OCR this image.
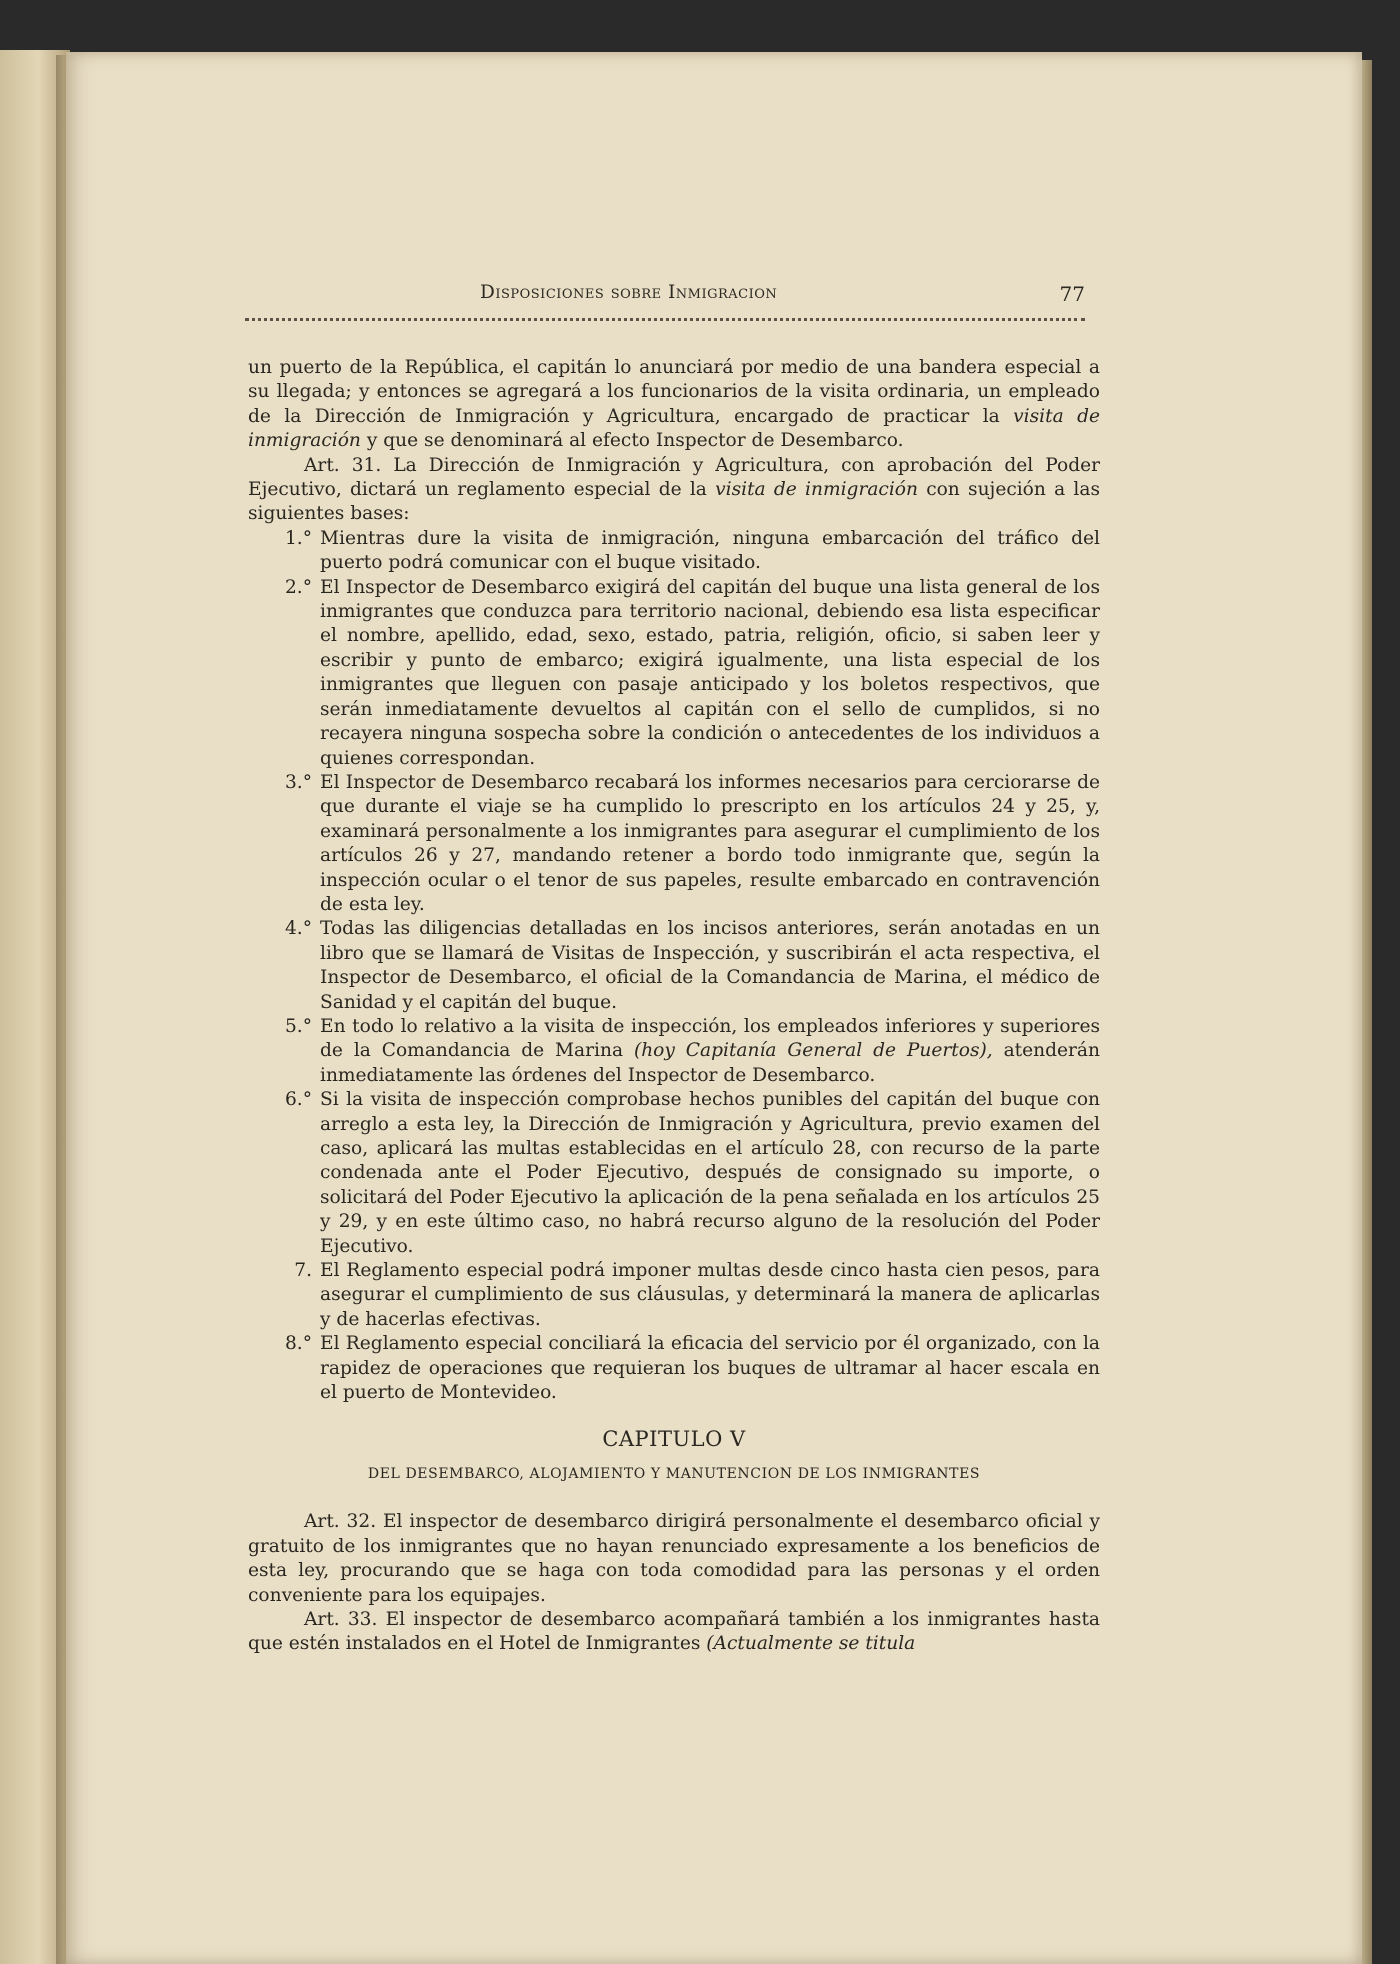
Disposiciones sobre Inmigracion	77

un puerto de la República, el capitán lo anunciará por medio de una bandera especial a su llegada; y entonces se agregará a los funcionarios de la visita ordinaria, un empleado de la Dirección de Inmigración y Agricultura, encargado de practicar la visita de inmigración y que se denominará al efecto Inspector de Desembarco.

Art. 31. La Dirección de Inmigración y Agricultura, con aprobación del Poder Ejecutivo, dictará un reglamento especial de la visita de inmigración con sujeción a las siguientes bases:

1.° Mientras dure la visita de inmigración, ninguna embarcación del tráfico del puerto podrá comunicar con el buque visitado.
2.° El Inspector de Desembarco exigirá del capitán del buque una lista general de los inmigrantes que conduzca para territorio nacional, debiendo esa lista especificar el nombre, apellido, edad, sexo, estado, patria, religión, oficio, si saben leer y escribir y punto de embarco; exigirá igualmente, una lista especial de los inmigrantes que lleguen con pasaje anticipado y los boletos respectivos, que serán inmediatamente devueltos al capitán con el sello de cumplidos, si no recayera ninguna sospecha sobre la condición o antecedentes de los individuos a quienes correspondan.
3.° El Inspector de Desembarco recabará los informes necesarios para cerciorarse de que durante el viaje se ha cumplido lo prescripto en los artículos 24 y 25, y, examinará personalmente a los inmigrantes para asegurar el cumplimiento de los artículos 26 y 27, mandando retener a bordo todo inmigrante que, según la inspección ocular o el tenor de sus papeles, resulte embarcado en contravención de esta ley.
4.° Todas las diligencias detalladas en los incisos anteriores, serán anotadas en un libro que se llamará de Visitas de Inspección, y suscribirán el acta respectiva, el Inspector de Desembarco, el oficial de la Comandancia de Marina, el médico de Sanidad y el capitán del buque.
5.° En todo lo relativo a la visita de inspección, los empleados inferiores y superiores de la Comandancia de Marina (hoy Capitanía General de Puertos), atenderán inmediatamente las órdenes del Inspector de Desembarco.
6.° Si la visita de inspección comprobase hechos punibles del capitán del buque con arreglo a esta ley, la Dirección de Inmigración y Agricultura, previo examen del caso, aplicará las multas establecidas en el artículo 28, con recurso de la parte condenada ante el Poder Ejecutivo, después de consignado su importe, o solicitará del Poder Ejecutivo la aplicación de la pena señalada en los artículos 25 y 29, y en este último caso, no habrá recurso alguno de la resolución del Poder Ejecutivo.
7. El Reglamento especial podrá imponer multas desde cinco hasta cien pesos, para asegurar el cumplimiento de sus cláusulas, y determinará la manera de aplicarlas y de hacerlas efectivas.
8.° El Reglamento especial conciliará la eficacia del servicio por él organizado, con la rapidez de operaciones que requieran los buques de ultramar al hacer escala en el puerto de Montevideo.
CAPITULO V
DEL DESEMBARCO, ALOJAMIENTO Y MANUTENCION DE LOS INMIGRANTES

Art. 32. El inspector de desembarco dirigirá personalmente el desembarco oficial y gratuito de los inmigrantes que no hayan renunciado expresamente a los beneficios de esta ley, procurando que se haga con toda comodidad para las personas y el orden conveniente para los equipajes.

Art. 33. El inspector de desembarco acompañará también a los inmigrantes hasta que estén instalados en el Hotel de Inmigrantes (Actualmente se titula
